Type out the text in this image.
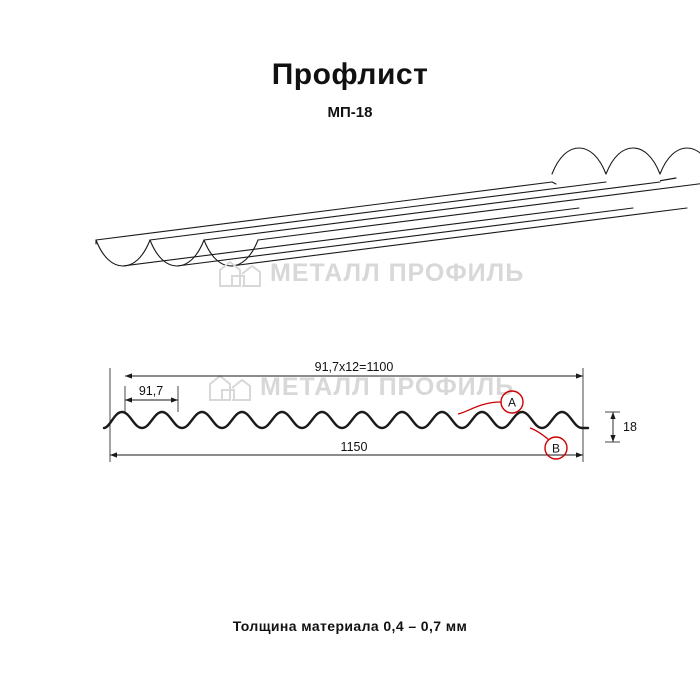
Профлист
МП-18
МЕТАЛЛ ПРОФИЛЬ
МЕТАЛЛ ПРОФИЛЬ
91,7х12=1100
91,7
18
1150
A
B
Толщина материала 0,4 – 0,7 мм
